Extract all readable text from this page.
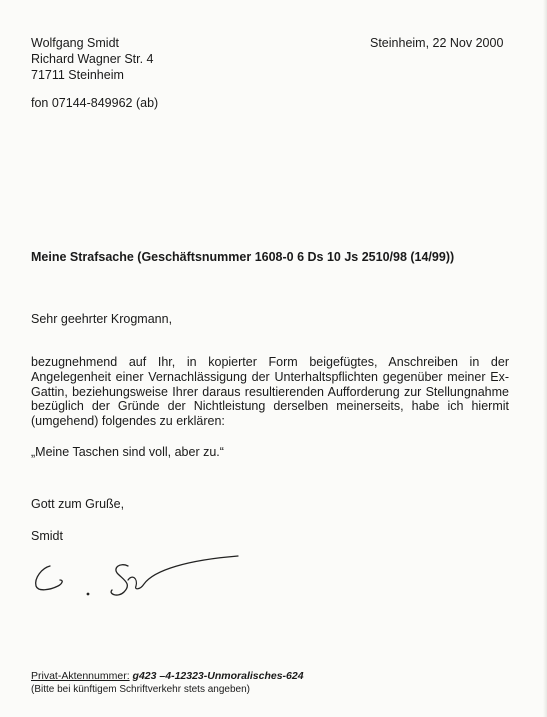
Wolfgang Smidt
Richard Wagner Str. 4
71711 Steinheim
Steinheim, 22 Nov 2000
fon 07144-849962 (ab)
Meine Strafsache (Geschäftsnummer 1608-0 6 Ds 10 Js 2510/98 (14/99))
Sehr geehrter Krogmann,
bezugnehmend auf Ihr, in kopierter Form beigefügtes, Anschreiben in der Angelegenheit einer Vernachlässigung der Unterhaltspflichten gegenüber meiner Ex-Gattin, beziehungsweise Ihrer daraus resultierenden Aufforderung zur Stellungnahme bezüglich der Gründe der Nichtleistung derselben meinerseits, habe ich hiermit (umgehend) folgendes zu erklären:
„Meine Taschen sind voll, aber zu.“
Gott zum Gruße,
Smidt
Privat-Aktennummer: g423 –4-12323-Unmoralisches-624
(Bitte bei künftigem Schriftverkehr stets angeben)
